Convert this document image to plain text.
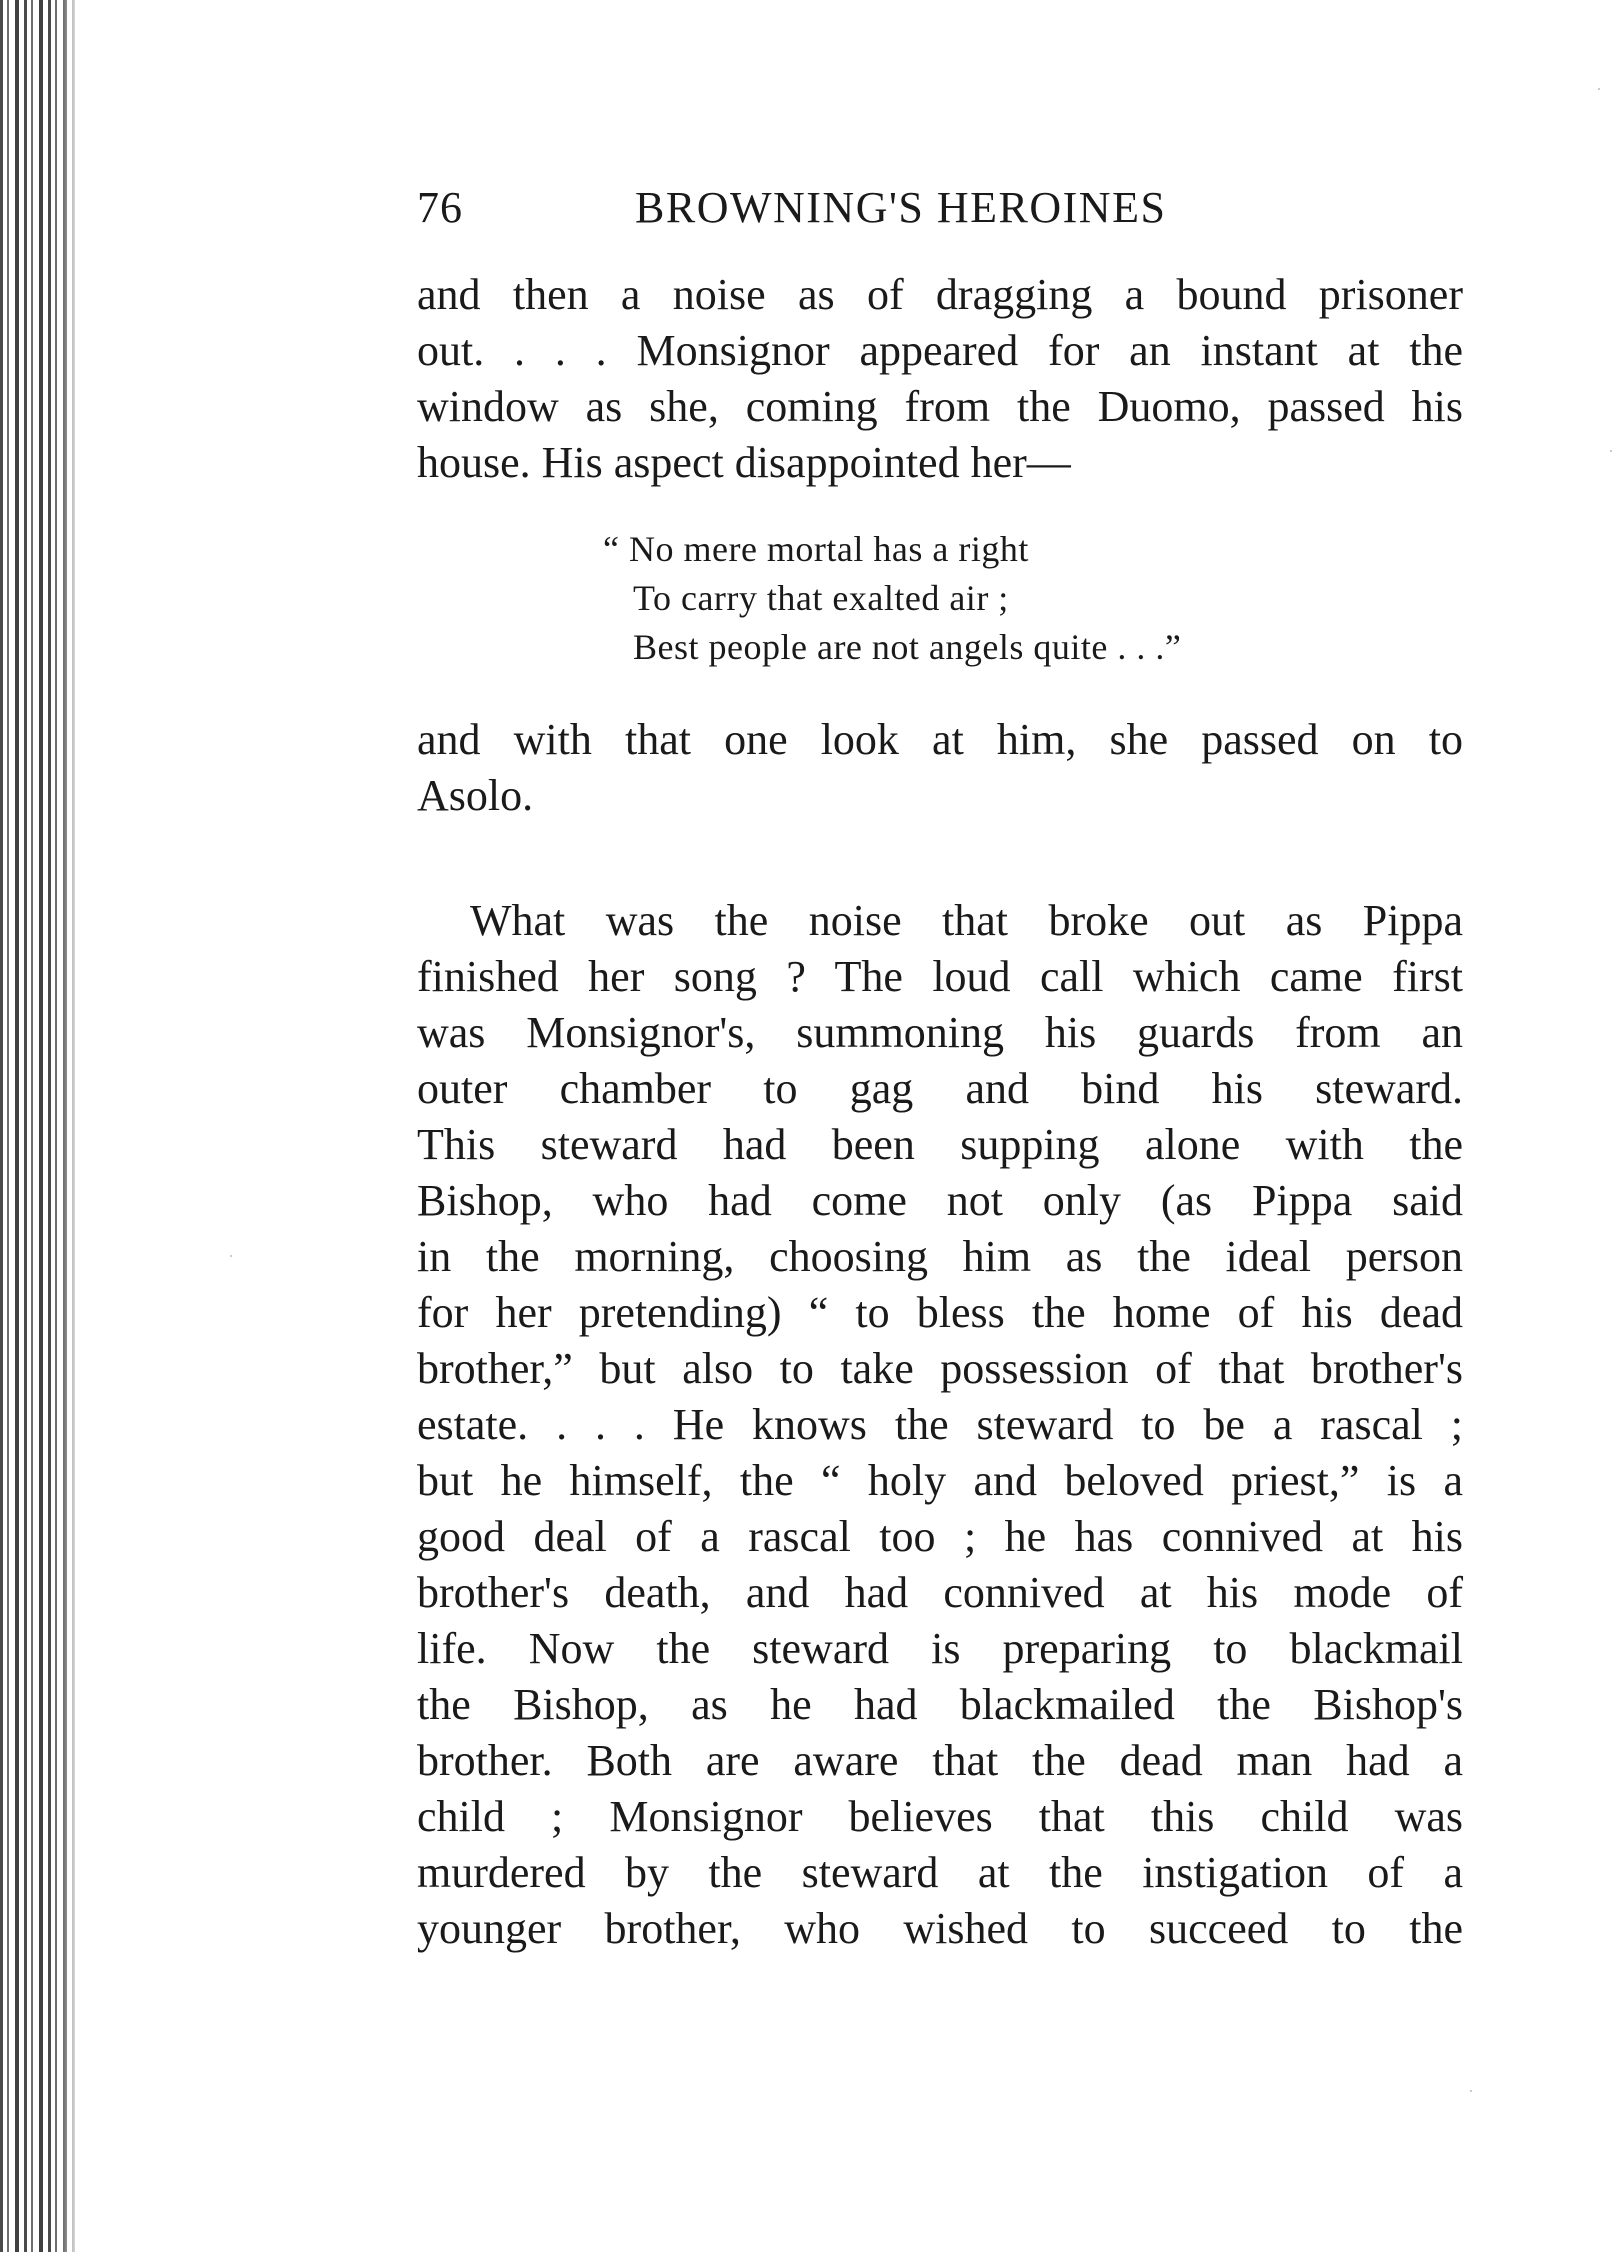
76	BROWNING'S HEROINES
and then a noise as of dragging a bound prisoner
out. . . . Monsignor appeared for an instant at the
window as she, coming from the Duomo, passed his
house. His aspect disappointed her—
“ No mere mortal has a right
To carry that exalted air ;
Best people are not angels quite . . .”
and with that one look at him, she passed on to
Asolo.
What was the noise that broke out as Pippa
finished her song ? The loud call which came first
was Monsignor's, summoning his guards from an
outer chamber to gag and bind his steward.
This steward had been supping alone with the
Bishop, who had come not only (as Pippa said
in the morning, choosing him as the ideal person
for her pretending) “ to bless the home of his dead
brother,” but also to take possession of that brother's
estate. . . . He knows the steward to be a rascal ;
but he himself, the “ holy and beloved priest,” is a
good deal of a rascal too ; he has connived at his
brother's death, and had connived at his mode of
life. Now the steward is preparing to blackmail
the Bishop, as he had blackmailed the Bishop's
brother. Both are aware that the dead man had a
child ; Monsignor believes that this child was
murdered by the steward at the instigation of a
younger brother, who wished to succeed to the
